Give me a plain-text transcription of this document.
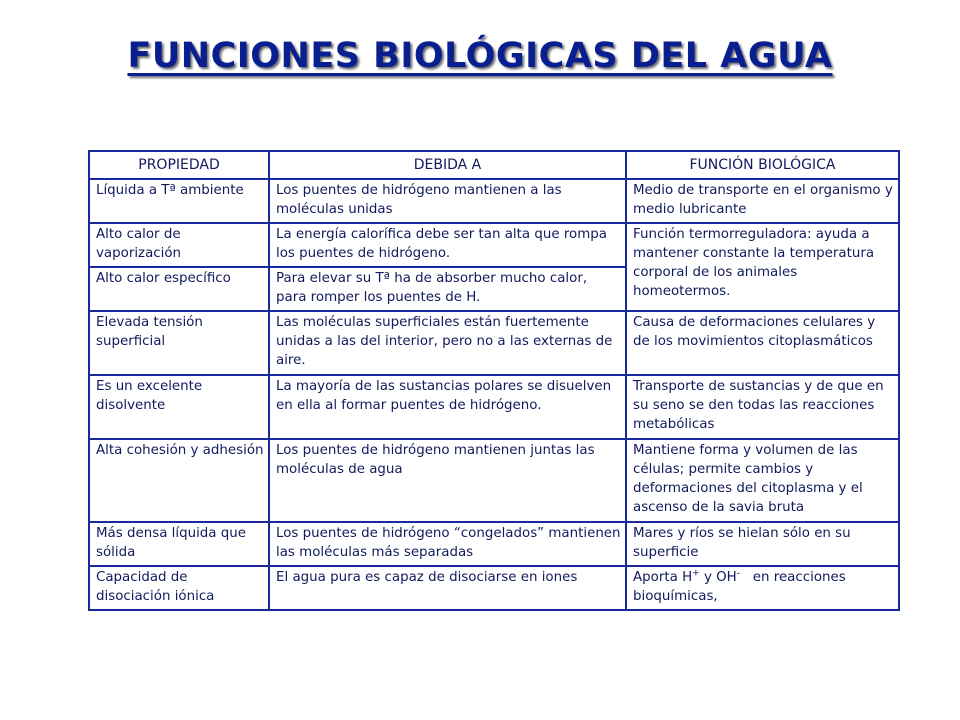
FUNCIONES BIOLÓGICAS DEL AGUA
PROPIEDAD	DEBIDA A	FUNCIÓN BIOLÓGICA
Líquida a Tª ambiente	Los puentes de hidrógeno mantienen a las moléculas unidas	Medio de transporte en el organismo y medio lubricante
Alto calor de vaporización	La energía calorífica debe ser tan alta que rompa los puentes de hidrógeno.	Función termorreguladora: ayuda a mantener constante la temperatura corporal de los animales homeotermos.
Alto calor específico	Para elevar su Tª ha de absorber mucho calor, para romper los puentes de H.	
Elevada tensión superficial	Las moléculas superficiales están fuertemente unidas a las del interior, pero no a las externas de aire.	Causa de deformaciones celulares y de los movimientos citoplasmáticos
Es un excelente disolvente	La mayoría de las sustancias polares se disuelven en ella al formar puentes de hidrógeno.	Transporte de sustancias y de que en su seno se den todas las reacciones metabólicas
Alta cohesión y adhesión	Los puentes de hidrógeno mantienen juntas las moléculas de agua	Mantiene forma y volumen de las células; permite cambios y deformaciones del citoplasma y el ascenso de la savia bruta
Más densa líquida que sólida	Los puentes de hidrógeno “congelados” mantienen las moléculas más separadas	Mares y ríos se hielan sólo en su superficie
Capacidad de disociación iónica	El agua pura es capaz de disociarse en iones	Aporta H+ y OH-   en reacciones bioquímicas,
